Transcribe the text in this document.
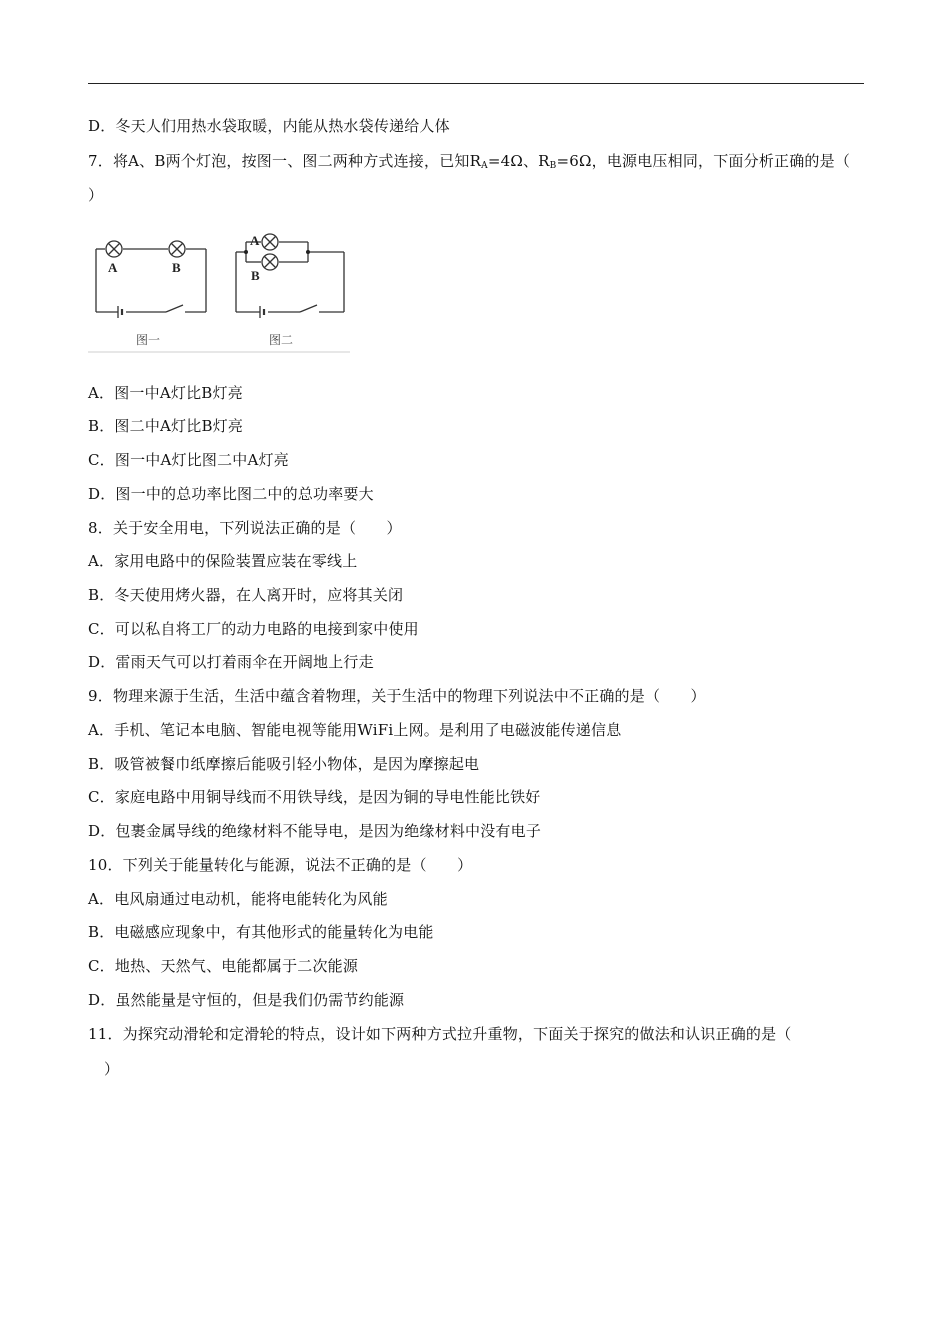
D．冬天人们用热水袋取暖，内能从热水袋传递给人体
7．将A、B两个灯泡，按图一、图二两种方式连接，已知$R_A=4\Omega$、$R_B=6\Omega$，电源电压相同，下面分析正确的是（
）
A	B
A
B
图一	图二
A．图一中A灯比B灯亮
B．图二中A灯比B灯亮
C．图一中A灯比图二中A灯亮
D．图一中的总功率比图二中的总功率要大
8．关于安全用电，下列说法正确的是（　　）
A．家用电路中的保险装置应装在零线上
B．冬天使用烤火器，在人离开时，应将其关闭
C．可以私自将工厂的动力电路的电接到家中使用
D．雷雨天气可以打着雨伞在开阔地上行走
9．物理来源于生活，生活中蕴含着物理，关于生活中的物理下列说法中不正确的是（　　）
A．手机、笔记本电脑、智能电视等能用WiFi上网。是利用了电磁波能传递信息
B．吸管被餐巾纸摩擦后能吸引轻小物体，是因为摩擦起电
C．家庭电路中用铜导线而不用铁导线，是因为铜的导电性能比铁好
D．包裹金属导线的绝缘材料不能导电，是因为绝缘材料中没有电子
10．下列关于能量转化与能源，说法不正确的是（　　）
A．电风扇通过电动机，能将电能转化为风能
B．电磁感应现象中，有其他形式的能量转化为电能
C．地热、天然气、电能都属于二次能源
D．虽然能量是守恒的，但是我们仍需节约能源
11．为探究动滑轮和定滑轮的特点，设计如下两种方式拉升重物，下面关于探究的做法和认识正确的是（
）
